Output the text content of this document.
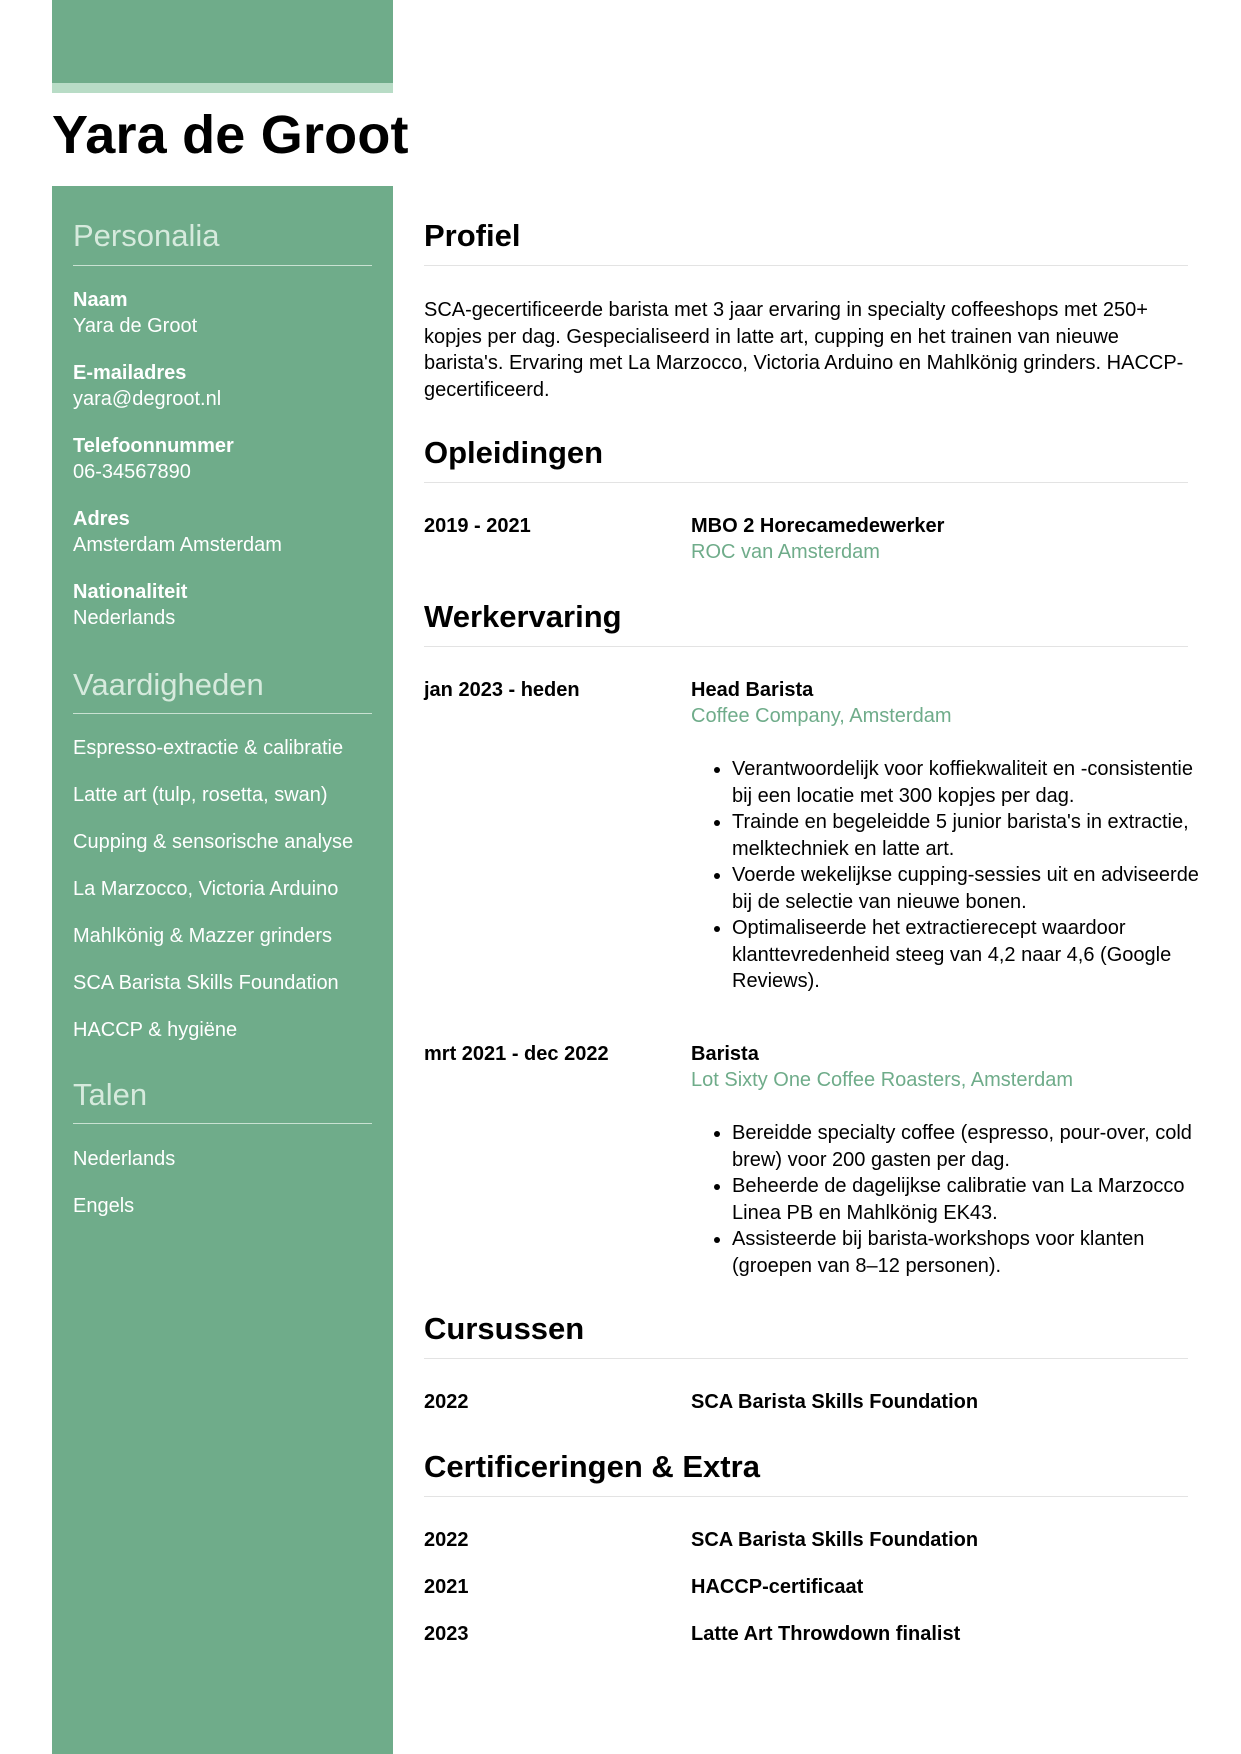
Yara de Groot
Personalia
Naam
Yara de Groot
E-mailadres
yara@degroot.nl
Telefoonnummer
06-34567890
Adres
Amsterdam Amsterdam
Nationaliteit
Nederlands
Vaardigheden
Espresso-extractie & calibratie
Latte art (tulp, rosetta, swan)
Cupping & sensorische analyse
La Marzocco, Victoria Arduino
Mahlkönig & Mazzer grinders
SCA Barista Skills Foundation
HACCP & hygiëne
Talen
Nederlands
Engels
Profiel

SCA-gecertificeerde barista met 3 jaar ervaring in specialty coffeeshops met 250+ kopjes per dag. Gespecialiseerd in latte art, cupping en het trainen van nieuwe barista's. Ervaring met La Marzocco, Victoria Arduino en Mahlkönig grinders. HACCP-gecertificeerd.

Opleidingen
2019 - 2021	MBO 2 Horecamedewerker
ROC van Amsterdam
Werkervaring
jan 2023 - heden	Head Barista
Coffee Company, Amsterdam
• Verantwoordelijk voor koffiekwaliteit en -consistentie bij een locatie met 300 kopjes per dag.
• Trainde en begeleidde 5 junior barista's in extractie, melktechniek en latte art.
• Voerde wekelijkse cupping-sessies uit en adviseerde bij de selectie van nieuwe bonen.
• Optimaliseerde het extractierecept waardoor klanttevredenheid steeg van 4,2 naar 4,6 (Google Reviews).
mrt 2021 - dec 2022	Barista
Lot Sixty One Coffee Roasters, Amsterdam
• Bereidde specialty coffee (espresso, pour-over, cold brew) voor 200 gasten per dag.
• Beheerde de dagelijkse calibratie van La Marzocco Linea PB en Mahlkönig EK43.
• Assisteerde bij barista-workshops voor klanten (groepen van 8–12 personen).
Cursussen
2022	SCA Barista Skills Foundation
Certificeringen & Extra
2022	SCA Barista Skills Foundation
2021	HACCP-certificaat
2023	Latte Art Throwdown finalist
